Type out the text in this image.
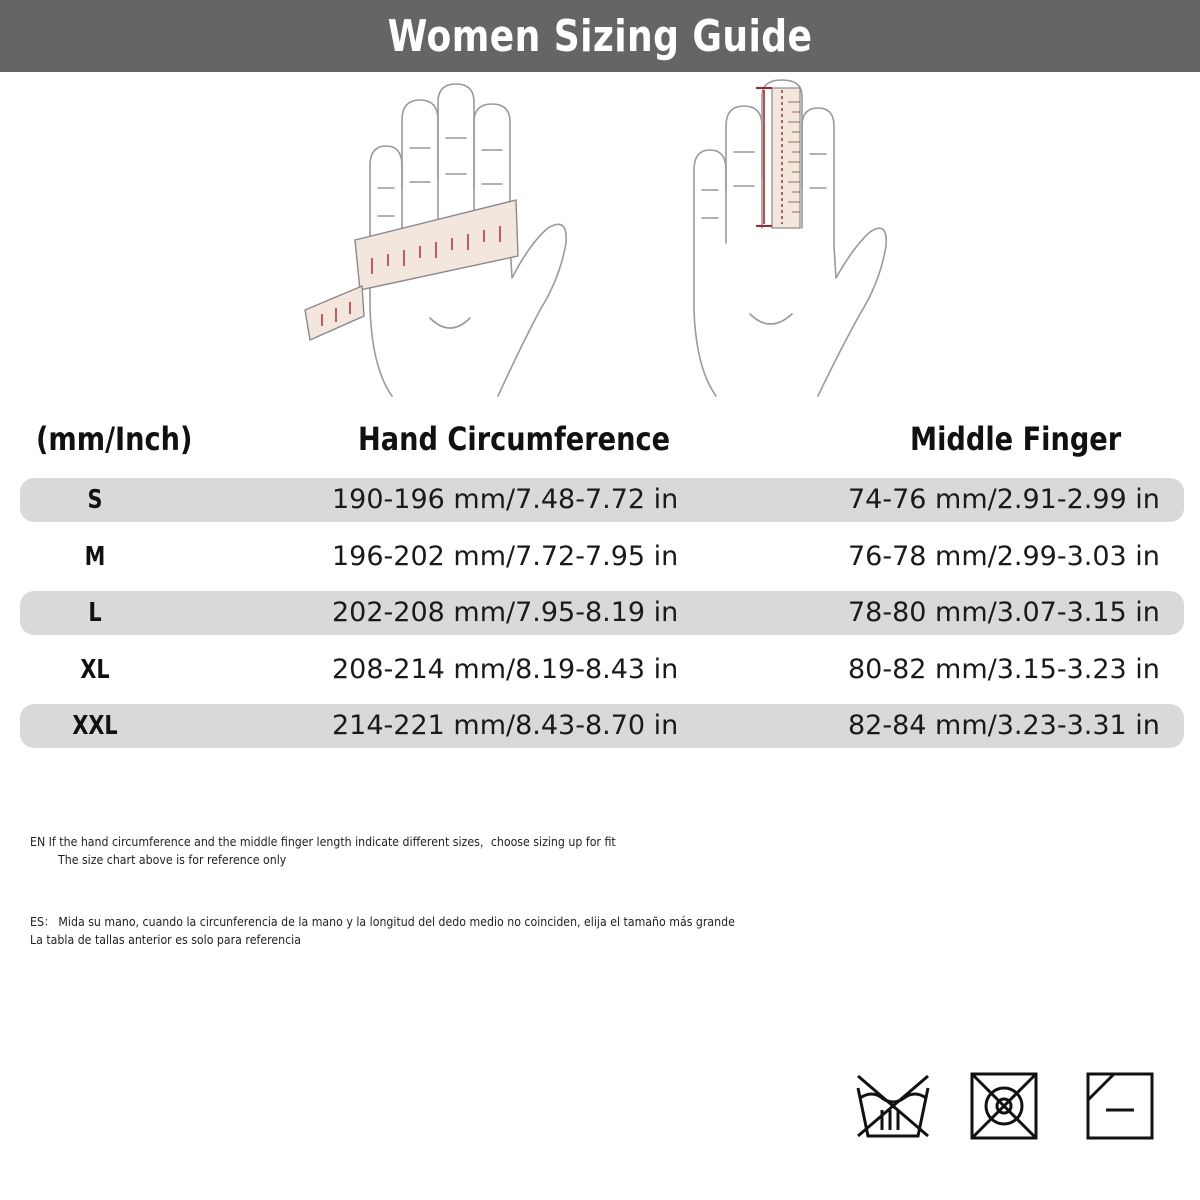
Women Sizing Guide
(mm/Inch)	Hand Circumference	Middle Finger
S	190-196 mm/7.48-7.72 in	74-76 mm/2.91-2.99 in
M	196-202 mm/7.72-7.95 in	76-78 mm/2.99-3.03 in
L	202-208 mm/7.95-8.19 in	78-80 mm/3.07-3.15 in
XL	208-214 mm/8.19-8.43 in	80-82 mm/3.15-3.23 in
XXL	214-221 mm/8.43-8.70 in	82-84 mm/3.23-3.31 in
EN If the hand circumference and the middle finger length indicate different sizes，choose sizing up for fit
The size chart above is for reference only
ES： Mida su mano, cuando la circunferencia de la mano y la longitud del dedo medio no coinciden, elija el tamaño más grande
La tabla de tallas anterior es solo para referencia
